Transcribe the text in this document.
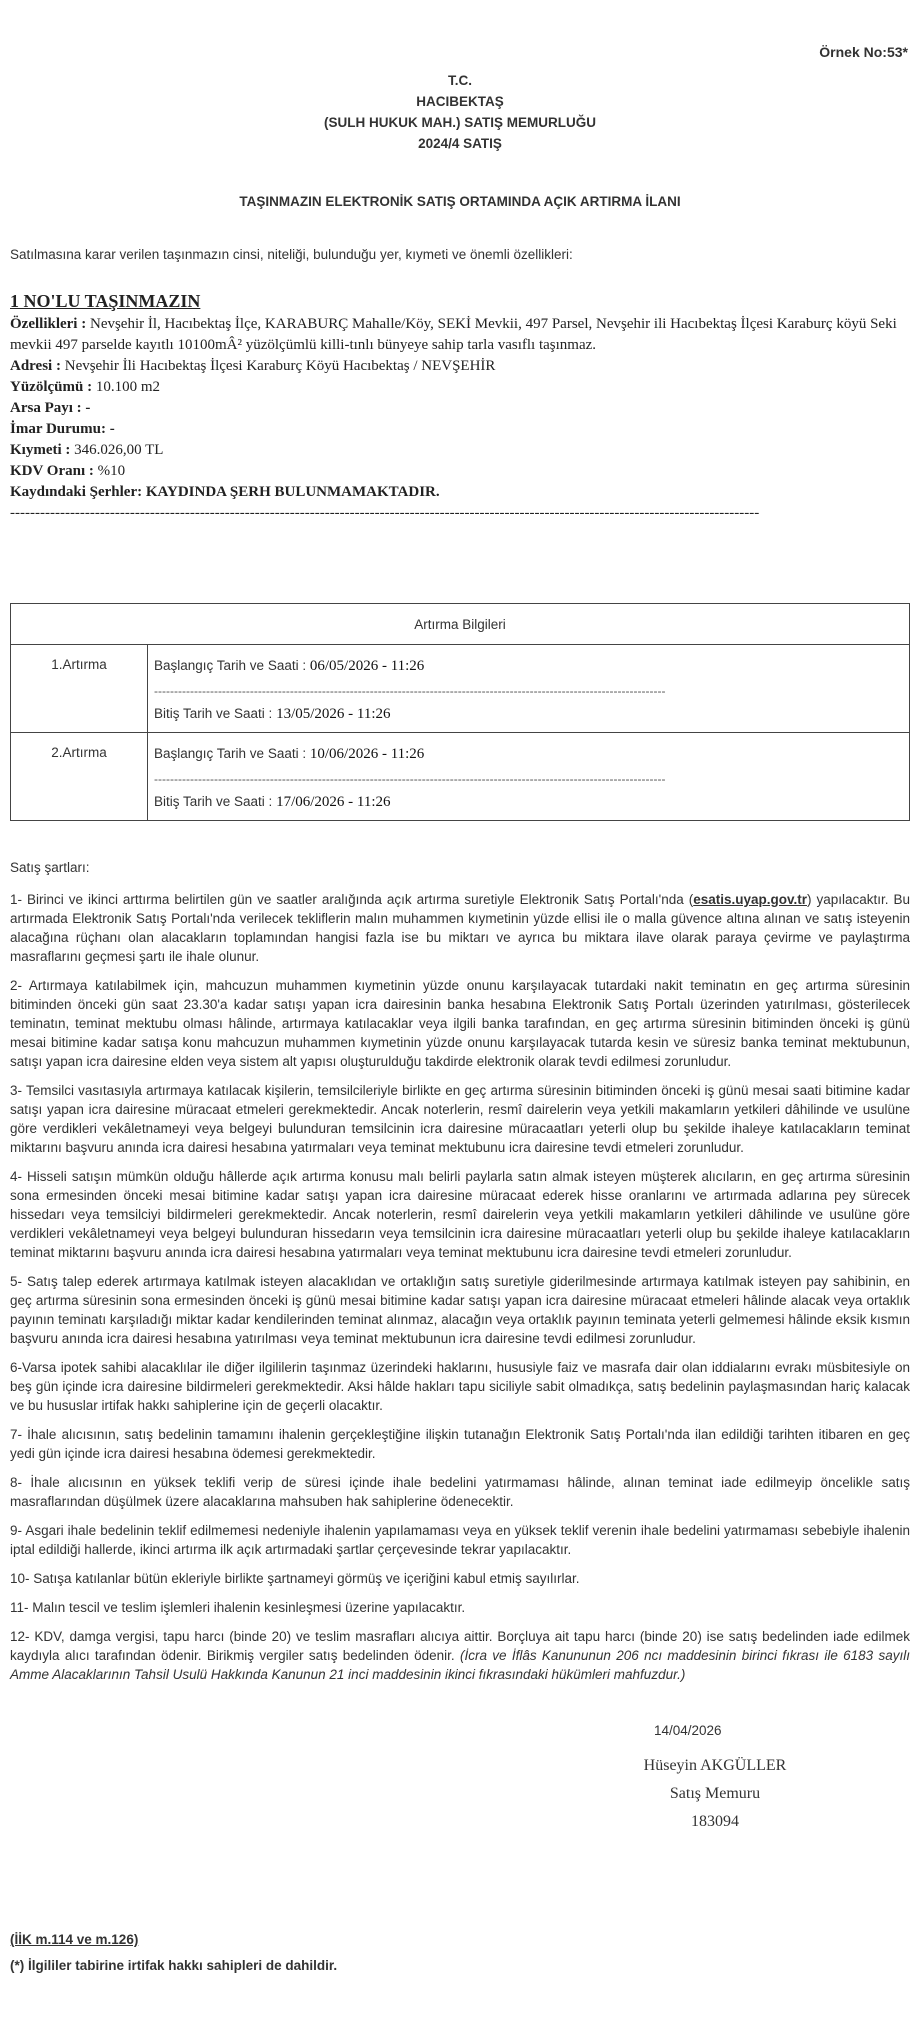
Örnek No:53*
T.C.
HACIBEKTAŞ
(SULH HUKUK MAH.) SATIŞ MEMURLUĞU
2024/4 SATIŞ
TAŞINMAZIN ELEKTRONİK SATIŞ ORTAMINDA AÇIK ARTIRMA İLANI
Satılmasına karar verilen taşınmazın cinsi, niteliği, bulunduğu yer, kıymeti ve önemli özellikleri:
1 NO'LU TAŞINMAZIN
Özellikleri : Nevşehir İl, Hacıbektaş İlçe, KARABURÇ Mahalle/Köy, SEKİ Mevkii, 497 Parsel, Nevşehir ili Hacıbektaş İlçesi Karaburç köyü Seki mevkii 497 parselde kayıtlı 10100mÂ² yüzölçümlü killi-tınlı bünyeye sahip tarla vasıflı taşınmaz.
Adresi : Nevşehir İli Hacıbektaş İlçesi Karaburç Köyü Hacıbektaş / NEVŞEHİR
Yüzölçümü : 10.100 m2
Arsa Payı : -
İmar Durumu: -
Kıymeti : 346.026,00 TL
KDV Oranı : %10
Kaydındaki Şerhler: KAYDINDA ŞERH BULUNMAMAKTADIR.
------------------------------------------------------------------------------------------------------------------------------------------------------
Artırma Bilgileri	
1.Artırma	Başlangıç Tarih ve Saati : 06/05/2026 - 11:26
--------------------------------------------------------------------------------------------------------------------------------
Bitiş Tarih ve Saati : 13/05/2026 - 11:26

2.Artırma	Başlangıç Tarih ve Saati : 10/06/2026 - 11:26
--------------------------------------------------------------------------------------------------------------------------------
Bitiş Tarih ve Saati : 17/06/2026 - 11:26

Satış şartları:

1- Birinci ve ikinci arttırma belirtilen gün ve saatler aralığında açık artırma suretiyle Elektronik Satış Portalı'nda (esatis.uyap.gov.tr) yapılacaktır. Bu artırmada Elektronik Satış Portalı'nda verilecek tekliflerin malın muhammen kıymetinin yüzde ellisi ile o malla güvence altına alınan ve satış isteyenin alacağına rüçhanı olan alacakların toplamından hangisi fazla ise bu miktarı ve ayrıca bu miktara ilave olarak paraya çevirme ve paylaştırma masraflarını geçmesi şartı ile ihale olunur.

2- Artırmaya katılabilmek için, mahcuzun muhammen kıymetinin yüzde onunu karşılayacak tutardaki nakit teminatın en geç artırma süresinin bitiminden önceki gün saat 23.30'a kadar satışı yapan icra dairesinin banka hesabına Elektronik Satış Portalı üzerinden yatırılması, gösterilecek teminatın, teminat mektubu olması hâlinde, artırmaya katılacaklar veya ilgili banka tarafından, en geç artırma süresinin bitiminden önceki iş günü mesai bitimine kadar satışa konu mahcuzun muhammen kıymetinin yüzde onunu karşılayacak tutarda kesin ve süresiz banka teminat mektubunun, satışı yapan icra dairesine elden veya sistem alt yapısı oluşturulduğu takdirde elektronik olarak tevdi edilmesi zorunludur.

3- Temsilci vasıtasıyla artırmaya katılacak kişilerin, temsilcileriyle birlikte en geç artırma süresinin bitiminden önceki iş günü mesai saati bitimine kadar satışı yapan icra dairesine müracaat etmeleri gerekmektedir. Ancak noterlerin, resmî dairelerin veya yetkili makamların yetkileri dâhilinde ve usulüne göre verdikleri vekâletnameyi veya belgeyi bulunduran temsilcinin icra dairesine müracaatları yeterli olup bu şekilde ihaleye katılacakların teminat miktarını başvuru anında icra dairesi hesabına yatırmaları veya teminat mektubunu icra dairesine tevdi etmeleri zorunludur.

4- Hisseli satışın mümkün olduğu hâllerde açık artırma konusu malı belirli paylarla satın almak isteyen müşterek alıcıların, en geç artırma süresinin sona ermesinden önceki mesai bitimine kadar satışı yapan icra dairesine müracaat ederek hisse oranlarını ve artırmada adlarına pey sürecek hissedarı veya temsilciyi bildirmeleri gerekmektedir. Ancak noterlerin, resmî dairelerin veya yetkili makamların yetkileri dâhilinde ve usulüne göre verdikleri vekâletnameyi veya belgeyi bulunduran hissedarın veya temsilcinin icra dairesine müracaatları yeterli olup bu şekilde ihaleye katılacakların teminat miktarını başvuru anında icra dairesi hesabına yatırmaları veya teminat mektubunu icra dairesine tevdi etmeleri zorunludur.

5- Satış talep ederek artırmaya katılmak isteyen alacaklıdan ve ortaklığın satış suretiyle giderilmesinde artırmaya katılmak isteyen pay sahibinin, en geç artırma süresinin sona ermesinden önceki iş günü mesai bitimine kadar satışı yapan icra dairesine müracaat etmeleri hâlinde alacak veya ortaklık payının teminatı karşıladığı miktar kadar kendilerinden teminat alınmaz, alacağın veya ortaklık payının teminata yeterli gelmemesi hâlinde eksik kısmın başvuru anında icra dairesi hesabına yatırılması veya teminat mektubunun icra dairesine tevdi edilmesi zorunludur.

6-Varsa ipotek sahibi alacaklılar ile diğer ilgililerin taşınmaz üzerindeki haklarını, hususiyle faiz ve masrafa dair olan iddialarını evrakı müsbitesiyle on beş gün içinde icra dairesine bildirmeleri gerekmektedir. Aksi hâlde hakları tapu siciliyle sabit olmadıkça, satış bedelinin paylaşmasından hariç kalacak ve bu hususlar irtifak hakkı sahiplerine için de geçerli olacaktır.

7- İhale alıcısının, satış bedelinin tamamını ihalenin gerçekleştiğine ilişkin tutanağın Elektronik Satış Portalı'nda ilan edildiği tarihten itibaren en geç yedi gün içinde icra dairesi hesabına ödemesi gerekmektedir.

8- İhale alıcısının en yüksek teklifi verip de süresi içinde ihale bedelini yatırmaması hâlinde, alınan teminat iade edilmeyip öncelikle satış masraflarından düşülmek üzere alacaklarına mahsuben hak sahiplerine ödenecektir.

9- Asgari ihale bedelinin teklif edilmemesi nedeniyle ihalenin yapılamaması veya en yüksek teklif verenin ihale bedelini yatırmaması sebebiyle ihalenin iptal edildiği hallerde, ikinci artırma ilk açık artırmadaki şartlar çerçevesinde tekrar yapılacaktır.

10- Satışa katılanlar bütün ekleriyle birlikte şartnameyi görmüş ve içeriğini kabul etmiş sayılırlar.

11- Malın tescil ve teslim işlemleri ihalenin kesinleşmesi üzerine yapılacaktır.

12- KDV, damga vergisi, tapu harcı (binde 20) ve teslim masrafları alıcıya aittir. Borçluya ait tapu harcı (binde 20) ise satış bedelinden iade edilmek kaydıyla alıcı tarafından ödenir. Birikmiş vergiler satış bedelinden ödenir. (İcra ve İflâs Kanununun 206 ncı maddesinin birinci fıkrası ile 6183 sayılı Amme Alacaklarının Tahsil Usulü Hakkında Kanunun 21 inci maddesinin ikinci fıkrasındaki hükümleri mahfuzdur.)

14/04/2026
Hüseyin AKGÜLLER
Satış Memuru
183094
(İİK m.114 ve m.126)
(*) İlgililer tabirine irtifak hakkı sahipleri de dahildir.
